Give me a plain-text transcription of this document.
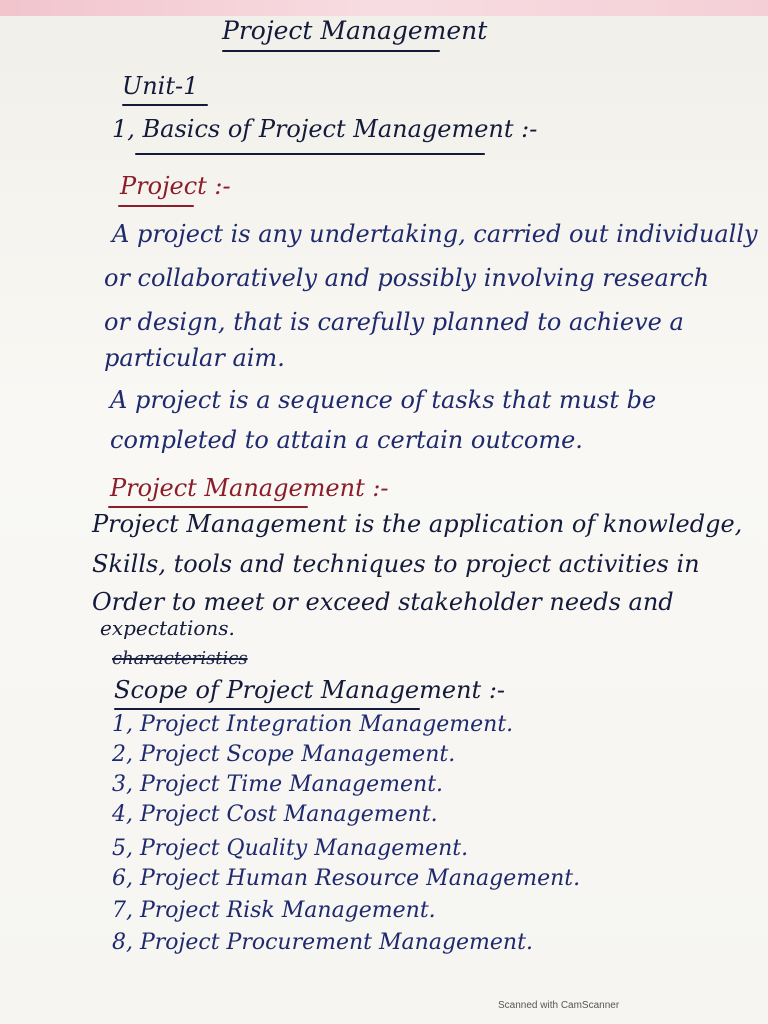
Project Management
Unit-1
1, Basics of Project Management :-
Project :-
A project is any undertaking, carried out individually
or collaboratively and possibly involving research
or design, that is carefully planned to achieve a
particular aim.
A project is a sequence of tasks that must be
completed to attain a certain outcome.
Project Management :-
Project Management is the application of knowledge,
Skills, tools and techniques to project activities in
Order to meet or exceed stakeholder needs and
expectations.
characteristics
Scope of Project Management :-
1, Project Integration Management.
2, Project Scope Management.
3, Project Time Management.
4, Project Cost Management.
5, Project Quality Management.
6, Project Human Resource Management.
7, Project Risk Management.
8, Project Procurement Management.
Scanned with CamScanner
